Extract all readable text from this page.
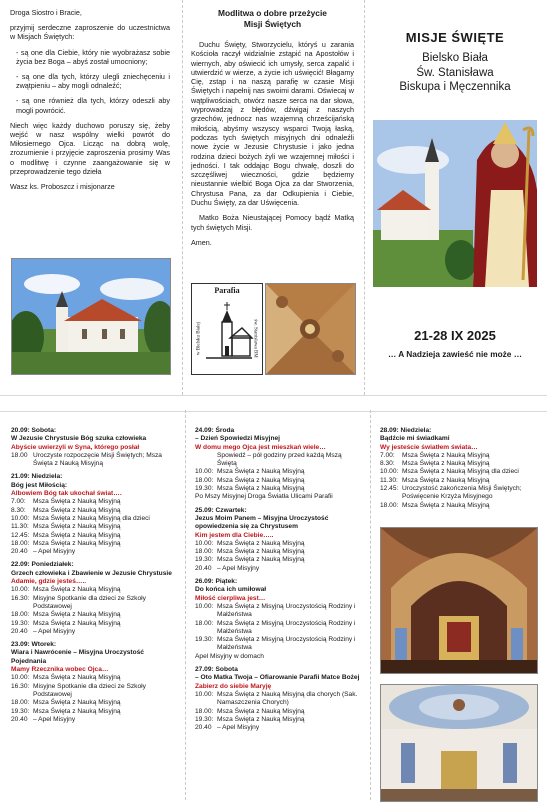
Droga Siostro i Bracie,

przyjmij serdeczne zaproszenie do uczestnictwa w Misjach Świętych:

- są one dla Ciebie, który nie wyobrażasz sobie życia bez Boga – abyś został umocniony;

- są one dla tych, którzy ulegli zniechęceniu i zwątpieniu – aby mogli odnaleźć;

- są one również dla tych, którzy odeszli aby mogli powrócić.

Niech więc każdy duchowo poruszy się, żeby wejść w nasz wspólny wielki powrót do Miłosiernego Ojca. Licząc na dobrą wolę, zrozumienie i przyjęcie zaproszenia prosimy Was o modlitwę i czynne zaangażowanie się w przeprowadzenie tego dzieła

Wasz ks. Proboszcz i misjonarze

Modlitwa o dobre przeżycie
Misji Świętych

Duchu Święty, Stworzycielu, któryś u zarania Kościoła raczył widzialnie zstąpić na Apostołów i wiernych, aby oświecić ich umysły, serca zapalić i utwierdzić w wierze, a życie ich uświęcić! Błagamy Cię, zstąp i na naszą parafię w czasie Misji Świętych i napełnij nas swoimi darami. Oświecaj w wątpliwościach, otwórz nasze serca na dar słowa, wyprowadzaj z błędów, dźwigaj z naszych grzechów, jednocz nas wzajemną chrześcijańską miłością, abyśmy wszyscy wsparci Twoją łaską, podczas tych świętych misyjnych dni odnaleźli nowe życie w Jezusie Chrystusie i jako jedna rodzina dzieci bożych żyli we wzajemnej miłości i jedności. I tak oddając Bogu chwałę, doszli do szczęśliwej wieczności, gdzie będziemy nieustannie wielbić Boga Ojca za dar Stworzenia, Chrystusa Pana, za dar Odkupienia i Ciebie, Duchu Święty, za dar Uświęcenia.

Matko Boża Nieustającej Pomocy bądź Matką tych świętych Misji.

Amen.

Parafia
w Bielsku Białej	św. Stanisława BM
MISJE ŚWIĘTE
Bielsko Biała
Św. Stanisława
Biskupa i Męczennika
21-28 IX 2025
… A Nadzieja zawieść nie może …
20.09: Sobota:
W Jezusie Chrystusie Bóg szuka człowieka
Abyście uwierzyli w Syna, którego posłał
18.00 Uroczyste rozpoczęcie Misji Świętych; Msza Święta z Nauką Misyjną
21.09: Niedziela:
Bóg jest Miłością:
Albowiem Bóg tak ukochał świat….
7.00:	Msza Święta z Nauką Misyjną
8.30:	Msza Święta z Nauką Misyjną
10.00: Msza Święta z Nauką Misyjną dla dzieci
11.30: Msza Święta z Nauką Misyjną
12.45: Msza Święta z Nauką Misyjną
18.00: Msza Święta z Nauką Misyjną
20.40 – Apel Misyjny
22.09: Poniedziałek:
Grzech człowieka i Zbawienie w Jezusie Chrystusie
Adamie, gdzie jesteś…..
10.00: Msza Święta z Nauką Misyjną
16.30: Misyjne Spotkanie dla dzieci ze Szkoły Podstawowej
18.00: Msza Święta z Nauką Misyjną
19.30: Msza Święta z Nauką Misyjną
20.40 – Apel Misyjny
23.09: Wtorek:
Wiara i Nawrócenie – Misyjna Uroczystość Pojednania
Mamy Rzecznika wobec Ojca…
10.00: Msza Święta z Nauką Misyjną
16.30: Misyjne Spotkanie dla dzieci ze Szkoły Podstawowej
18.00: Msza Święta z Nauką Misyjną
19.30: Msza Święta z Nauką Misyjną
20.40 – Apel Misyjny
24.09: Środa
– Dzień Spowiedzi Misyjnej
W domu mego Ojca jest mieszkań wiele…
Spowiedź – pół godziny przed każdą Mszą Świętą
10.00: Msza Święta z Nauką Misyjną
18.00: Msza Święta z Nauką Misyjną
19.30: Msza Święta z Nauką Misyjną
Po Mszy Misyjnej Droga Światła Ulicami Parafii
25.09: Czwartek:
Jezus Moim Panem – Misyjna Uroczystość opowiedzenia się za Chrystusem
Kim jestem dla Ciebie…..
10.00: Msza Święta z Nauką Misyjną
18.00: Msza Święta z Nauką Misyjną
19.30: Msza Święta z Nauką Misyjną
20.40 – Apel Misyjny
26.09: Piątek:
Do końca ich umiłował
Miłość cierpliwa jest…
10.00: Msza Święta z Misyjną Uroczystością Rodziny i Małżeństwa
18.00: Msza Święta z Misyjną Uroczystością Rodziny i Małżeństwa
19.30: Msza Święta z Misyjną Uroczystością Rodziny i Małżeństwa
Apel Misyjny w domach
27.09: Sobota
– Oto Matka Twoja – Ofiarowanie Parafii Matce Bożej
Zabierz do siebie Maryję
10.00: Msza Święta z Nauką Misyjną dla chorych (Sak. Namaszczenia Chorych)
18.00: Msza Święta z Nauką Misyjną
19.30: Msza Święta z Nauką Misyjną
20.40 – Apel Misyjny
28.09: Niedziela:
Bądźcie mi świadkami
Wy jesteście światłem świata…
7.00:	Msza Święta z Nauką Misyjną
8.30:	Msza Święta z Nauką Misyjną
10.00: Msza Święta z Nauką Misyjną dla dzieci
11.30: Msza Święta z Nauką Misyjną
12.45: Uroczystość zakończenia Misji Świętych; Poświęcenie Krzyża Misyjnego
18.00: Msza Święta z Nauką Misyjną
